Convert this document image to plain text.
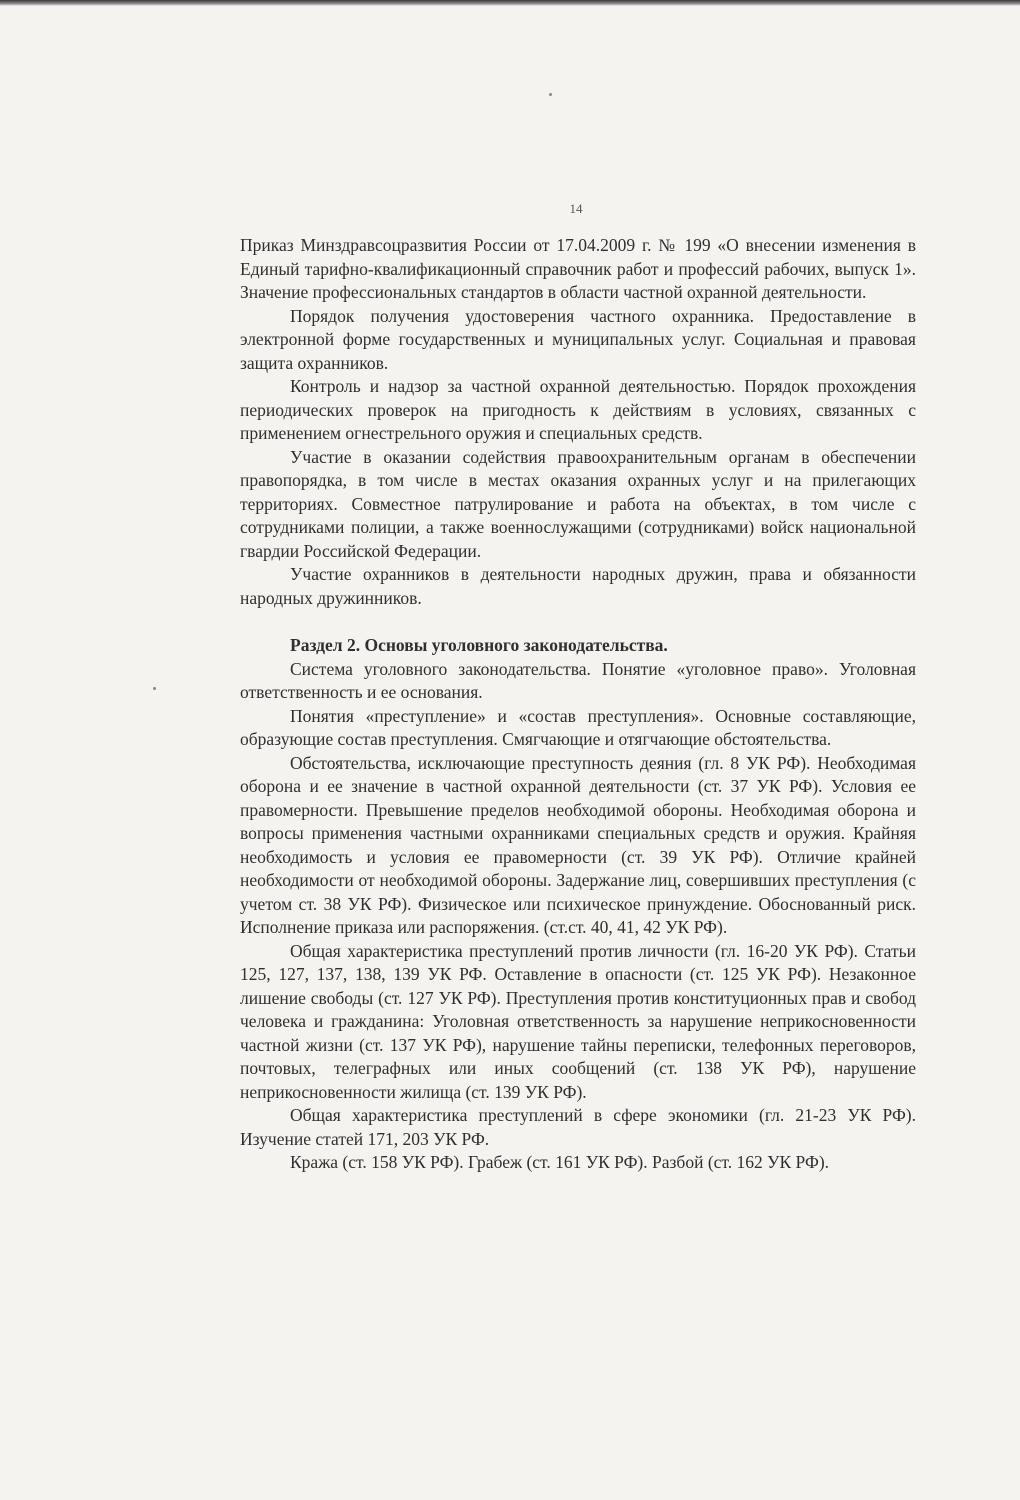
14

Приказ Минздравсоцразвития России от 17.04.2009 г. № 199 «О внесении изменения в Единый тарифно-квалификационный справочник работ и профессий рабочих, выпуск 1». Значение профессиональных стандартов в области частной охранной деятельности.

Порядок получения удостоверения частного охранника. Предоставление в электронной форме государственных и муниципальных услуг. Социальная и правовая защита охранников.

Контроль и надзор за частной охранной деятельностью. Порядок прохождения периодических проверок на пригодность к действиям в условиях, связанных с применением огнестрельного оружия и специальных средств.

Участие в оказании содействия правоохранительным органам в обеспечении правопорядка, в том числе в местах оказания охранных услуг и на прилегающих территориях. Совместное патрулирование и работа на объектах, в том числе с сотрудниками полиции, а также военнослужащими (сотрудниками) войск национальной гвардии Российской Федерации.

Участие охранников в деятельности народных дружин, права и обязанности народных дружинников.

Раздел 2. Основы уголовного законодательства.

Система уголовного законодательства. Понятие «уголовное право». Уголовная ответственность и ее основания.

Понятия «преступление» и «состав преступления». Основные составляющие, образующие состав преступления. Смягчающие и отягчающие обстоятельства.

Обстоятельства, исключающие преступность деяния (гл. 8 УК РФ). Необходимая оборона и ее значение в частной охранной деятельности (ст. 37 УК РФ). Условия ее правомерности. Превышение пределов необходимой обороны. Необходимая оборона и вопросы применения частными охранниками специальных средств и оружия. Крайняя необходимость и условия ее правомерности (ст. 39 УК РФ). Отличие крайней необходимости от необходимой обороны. Задержание лиц, совершивших преступления (с учетом ст. 38 УК РФ). Физическое или психическое принуждение. Обоснованный риск. Исполнение приказа или распоряжения. (ст.ст. 40, 41, 42 УК РФ).

Общая характеристика преступлений против личности (гл. 16-20 УК РФ). Статьи 125, 127, 137, 138, 139 УК РФ. Оставление в опасности (ст. 125 УК РФ). Незаконное лишение свободы (ст. 127 УК РФ). Преступления против конституционных прав и свобод человека и гражданина: Уголовная ответственность за нарушение неприкосновенности частной жизни (ст. 137 УК РФ), нарушение тайны переписки, телефонных переговоров, почтовых, телеграфных или иных сообщений (ст. 138 УК РФ), нарушение неприкосновенности жилища (ст. 139 УК РФ).

Общая характеристика преступлений в сфере экономики (гл. 21-23 УК РФ). Изучение статей 171, 203 УК РФ.

Кража (ст. 158 УК РФ). Грабеж (ст. 161 УК РФ). Разбой (ст. 162 УК РФ).
